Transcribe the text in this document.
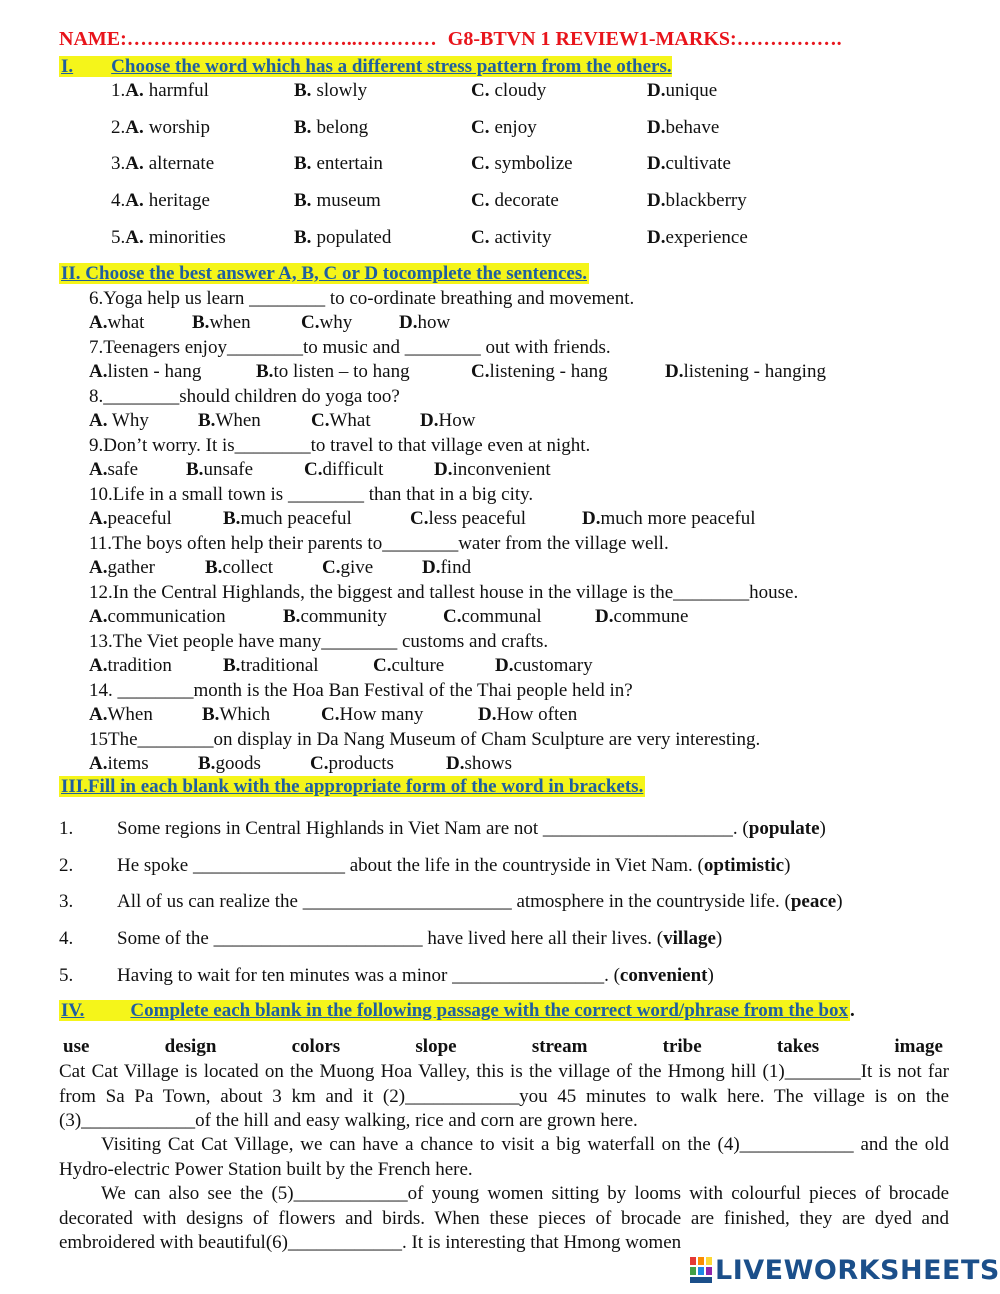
NAME:……………………………..………… G8-BTVN 1 REVIEW1-MARKS:…………….
I. Choose the word which has a different stress pattern from the others.
1.A. harmful	B. slowly	C. cloudy	D.unique
2.A. worship	B. belong	C. enjoy	D.behave
3.A. alternate	B. entertain	C. symbolize	D.cultivate
4.A. heritage	B. museum	C. decorate	D.blackberry
5.A. minorities	B. populated	C. activity	D.experience
II. Choose the best answer A, B, C or D tocomplete the sentences.
6.Yoga help us learn ________ to co-ordinate breathing and movement.
A.what	B.when	C.why D.how
7.Teenagers enjoy________to music and ________ out with friends.
A.listen - hang	B.to listen – to hang	C.listening - hang	D.listening - hanging
8.________should children do yoga too?
A. Why	B.When	C.What	D.How
9.Don’t worry. It is________to travel to that village even at night.
A.safe	B.unsafe	C.difficult	D.inconvenient
10.Life in a small town is ________ than that in a big city.
A.peaceful	B.much peaceful	C.less peaceful	D.much more peaceful
11.The boys often help their parents to________water from the village well.
A.gather	B.collect	C.give	D.find
12.In the Central Highlands, the biggest and tallest house in the village is the________house.
A.communication	B.community	C.communal	D.commune
13.The Viet people have many________ customs and crafts.
A.tradition	B.traditional	C.culture	D.customary
14. ________month is the Hoa Ban Festival of the Thai people held in?
A.When	B.Which	C.How many	D.How often
15The________on display in Da Nang Museum of Cham Sculpture are very interesting.
A.items	B.goods	C.products	D.shows
III.Fill in each blank with the appropriate form of the word in brackets.
1. Some regions in Central Highlands in Viet Nam are not ____________________. (populate)
2. He spoke ________________ about the life in the countryside in Viet Nam. (optimistic)
3. All of us can realize the ______________________ atmosphere in the countryside life. (peace)
4. Some of the ______________________ have lived here all their lives. (village)
5. Having to wait for ten minutes was a minor ________________. (convenient)
IV. Complete each blank in the following passage with the correct word/phrase from the box .
use	design	colors	slope	stream	tribe	takes	image
Cat Cat Village is located on the Muong Hoa Valley, this is the village of the Hmong hill (1)________It is not far from Sa Pa Town, about 3 km and it (2)____________you 45 minutes to walk here. The village is on the (3)____________of the hill and easy walking, rice and corn are grown here.
Visiting Cat Cat Village, we can have a chance to visit a big waterfall on the (4)____________ and the old Hydro-electric Power Station built by the French here.
We can also see the (5)____________of young women sitting by looms with colourful pieces of brocade decorated with designs of flowers and birds. When these pieces of brocade are finished, they are dyed and embroidered with beautiful(6)____________. It is interesting that Hmong women
LIVEWORKSHEETS
